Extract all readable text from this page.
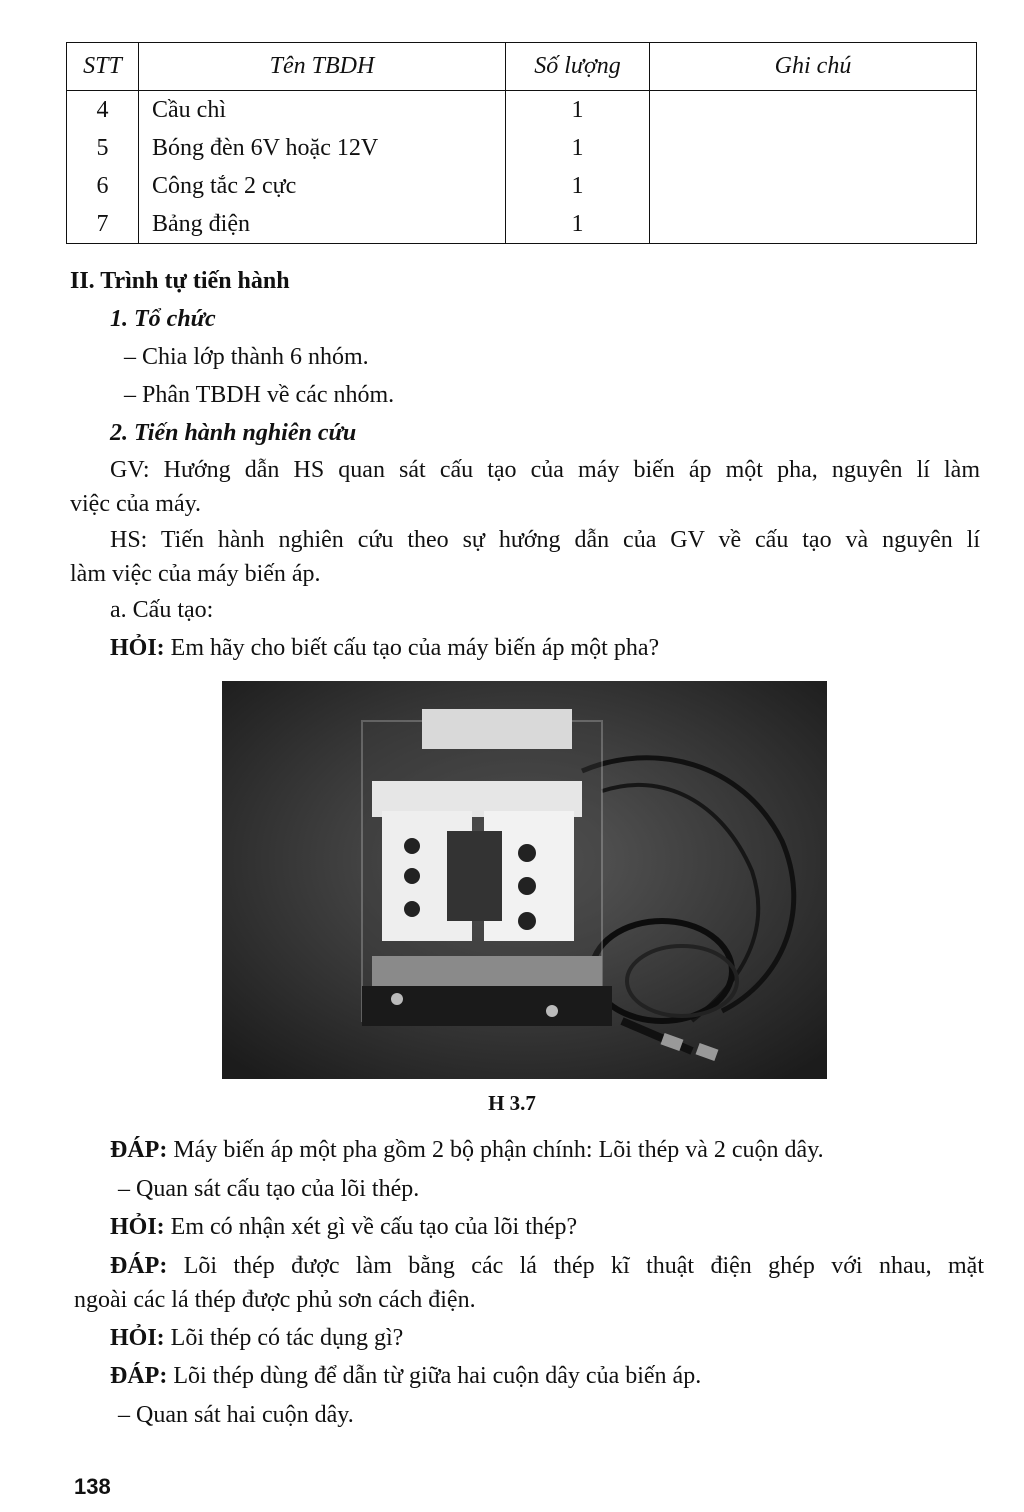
STT	Tên TBDH	Số lượng	Ghi chú
4	Cầu chì	1	
5	Bóng đèn 6V hoặc 12V	1	
6	Công tắc 2 cực	1	
7	Bảng điện	1	
II. Trình tự tiến hành
1. Tổ chức
– Chia lớp thành 6 nhóm.
– Phân TBDH về các nhóm.
2. Tiến hành nghiên cứu
GV: Hướng dẫn HS quan sát cấu tạo của máy biến áp một pha, nguyên lí làm
việc của máy.
HS: Tiến hành nghiên cứu theo sự hướng dẫn của GV về cấu tạo và nguyên lí
làm việc của máy biến áp.
a. Cấu tạo:
HỎI: Em hãy cho biết cấu tạo của máy biến áp một pha?
H 3.7
ĐÁP: Máy biến áp một pha gồm 2 bộ phận chính: Lõi thép và 2 cuộn dây.
– Quan sát cấu tạo của lõi thép.
HỎI: Em có nhận xét gì về cấu tạo của lõi thép?
ĐÁP: Lõi thép được làm bằng các lá thép kĩ thuật điện ghép với nhau, mặt
ngoài các lá thép được phủ sơn cách điện.
HỎI: Lõi thép có tác dụng gì?
ĐÁP: Lõi thép dùng để dẫn từ giữa hai cuộn dây của biến áp.
– Quan sát hai cuộn dây.
138
